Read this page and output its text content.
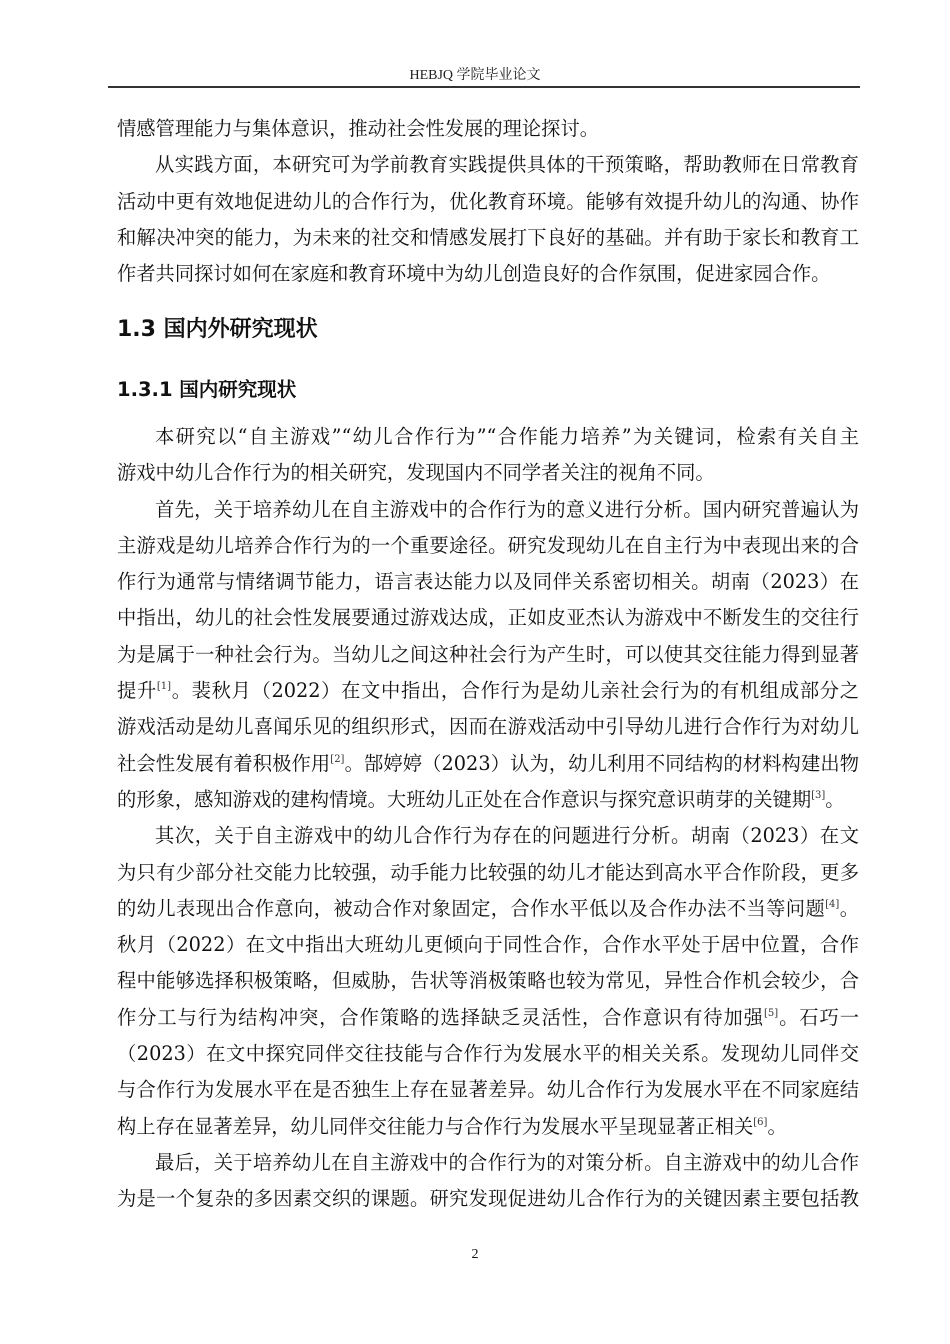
HEBJQ 学院毕业论文
情感管理能力与集体意识，推动社会性发展的理论探讨。
从实践方面，本研究可为学前教育实践提供具体的干预策略，帮助教师在日常教育
活动中更有效地促进幼儿的合作行为，优化教育环境。能够有效提升幼儿的沟通、协作
和解决冲突的能力，为未来的社交和情感发展打下良好的基础。并有助于家长和教育工
作者共同探讨如何在家庭和教育环境中为幼儿创造良好的合作氛围，促进家园合作。
1.3 国内外研究现状
1.3.1 国内研究现状
本研究以“自主游戏”“幼儿合作行为”“合作能力培养”为关键词，检索有关自主
游戏中幼儿合作行为的相关研究，发现国内不同学者关注的视角不同。
首先，关于培养幼儿在自主游戏中的合作行为的意义进行分析。国内研究普遍认为
主游戏是幼儿培养合作行为的一个重要途径。研究发现幼儿在自主行为中表现出来的合
作行为通常与情绪调节能力，语言表达能力以及同伴关系密切相关。胡南（2023）在
中指出，幼儿的社会性发展要通过游戏达成，正如皮亚杰认为游戏中不断发生的交往行
为是属于一种社会行为。当幼儿之间这种社会行为产生时，可以使其交往能力得到显著
提升[1]。裴秋月（2022）在文中指出，合作行为是幼儿亲社会行为的有机组成部分之
游戏活动是幼儿喜闻乐见的组织形式，因而在游戏活动中引导幼儿进行合作行为对幼儿
社会性发展有着积极作用[2]。郜婷婷（2023）认为，幼儿利用不同结构的材料构建出物
的形象，感知游戏的建构情境。大班幼儿正处在合作意识与探究意识萌芽的关键期[3]。
其次，关于自主游戏中的幼儿合作行为存在的问题进行分析。胡南（2023）在文
为只有少部分社交能力比较强，动手能力比较强的幼儿才能达到高水平合作阶段，更多
的幼儿表现出合作意向，被动合作对象固定，合作水平低以及合作办法不当等问题[4]。
秋月（2022）在文中指出大班幼儿更倾向于同性合作，合作水平处于居中位置，合作
程中能够选择积极策略，但威胁，告状等消极策略也较为常见，异性合作机会较少，合
作分工与行为结构冲突，合作策略的选择缺乏灵活性，合作意识有待加强[5]。石巧一
（2023）在文中探究同伴交往技能与合作行为发展水平的相关关系。发现幼儿同伴交
与合作行为发展水平在是否独生上存在显著差异。幼儿合作行为发展水平在不同家庭结
构上存在显著差异，幼儿同伴交往能力与合作行为发展水平呈现显著正相关[6]。
最后，关于培养幼儿在自主游戏中的合作行为的对策分析。自主游戏中的幼儿合作
为是一个复杂的多因素交织的课题。研究发现促进幼儿合作行为的关键因素主要包括教
2
